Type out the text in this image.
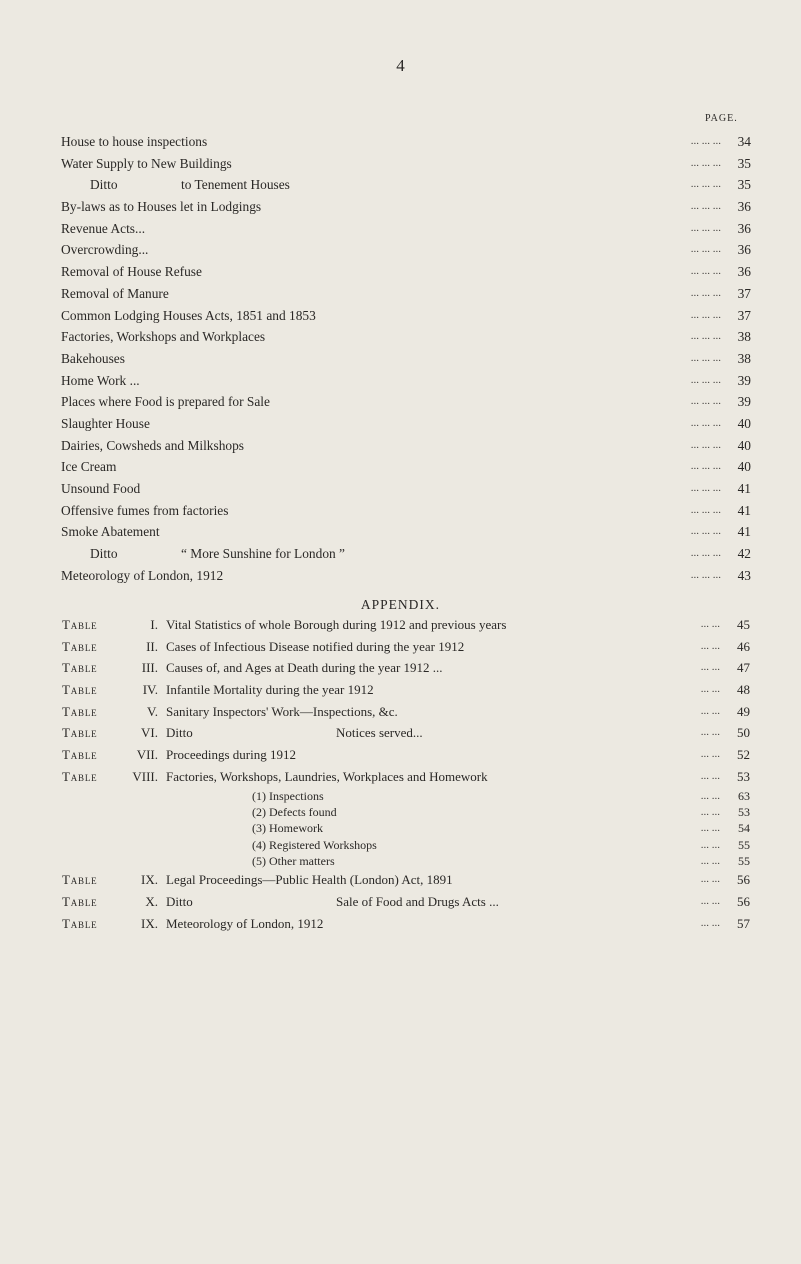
4
PAGE.
House to house inspections	... ... ...	34
Water Supply to New Buildings	... ... ...	35
Ditto	to Tenement Houses	... ... ...	35
By-laws as to Houses let in Lodgings	... ... ...	36
Revenue Acts...	... ... ...	36
Overcrowding...	... ... ...	36
Removal of House Refuse	... ... ...	36
Removal of Manure	... ... ...	37
Common Lodging Houses Acts, 1851 and 1853	... ... ...	37
Factories, Workshops and Workplaces	... ... ...	38
Bakehouses	... ... ...	38
Home Work ...	... ... ...	39
Places where Food is prepared for Sale	... ... ...	39
Slaughter House	... ... ...	40
Dairies, Cowsheds and Milkshops	... ... ...	40
Ice Cream	... ... ...	40
Unsound Food	... ... ...	41
Offensive fumes from factories	... ... ...	41
Smoke Abatement	... ... ...	41
Ditto	“ More Sunshine for London ”	... ... ...	42
Meteorology of London, 1912	... ... ...	43
APPENDIX.
Table	I. Vital Statistics of whole Borough during 1912 and previous years	... ...	45
Table	II. Cases of Infectious Disease notified during the year 1912	... ...	46
Table	III. Causes of, and Ages at Death during the year 1912 ...	... ...	47
Table	IV. Infantile Mortality during the year 1912	... ...	48
Table	V. Sanitary Inspectors' Work—Inspections, &c.	... ...	49
Table	VI. Ditto	Notices served...	... ...	50
Table	VII. Proceedings during 1912	... ...	52
Table	VIII. Factories, Workshops, Laundries, Workplaces and Homework	... ...	53
(1) Inspections	... ...	63
(2) Defects found	... ...	53
(3) Homework	... ...	54
(4) Registered Workshops	... ...	55
(5) Other matters	... ...	55
Table	IX. Legal Proceedings—Public Health (London) Act, 1891	... ...	56
Table	X. Ditto	Sale of Food and Drugs Acts ...	... ...	56
Table	IX. Meteorology of London, 1912	... ...	57
